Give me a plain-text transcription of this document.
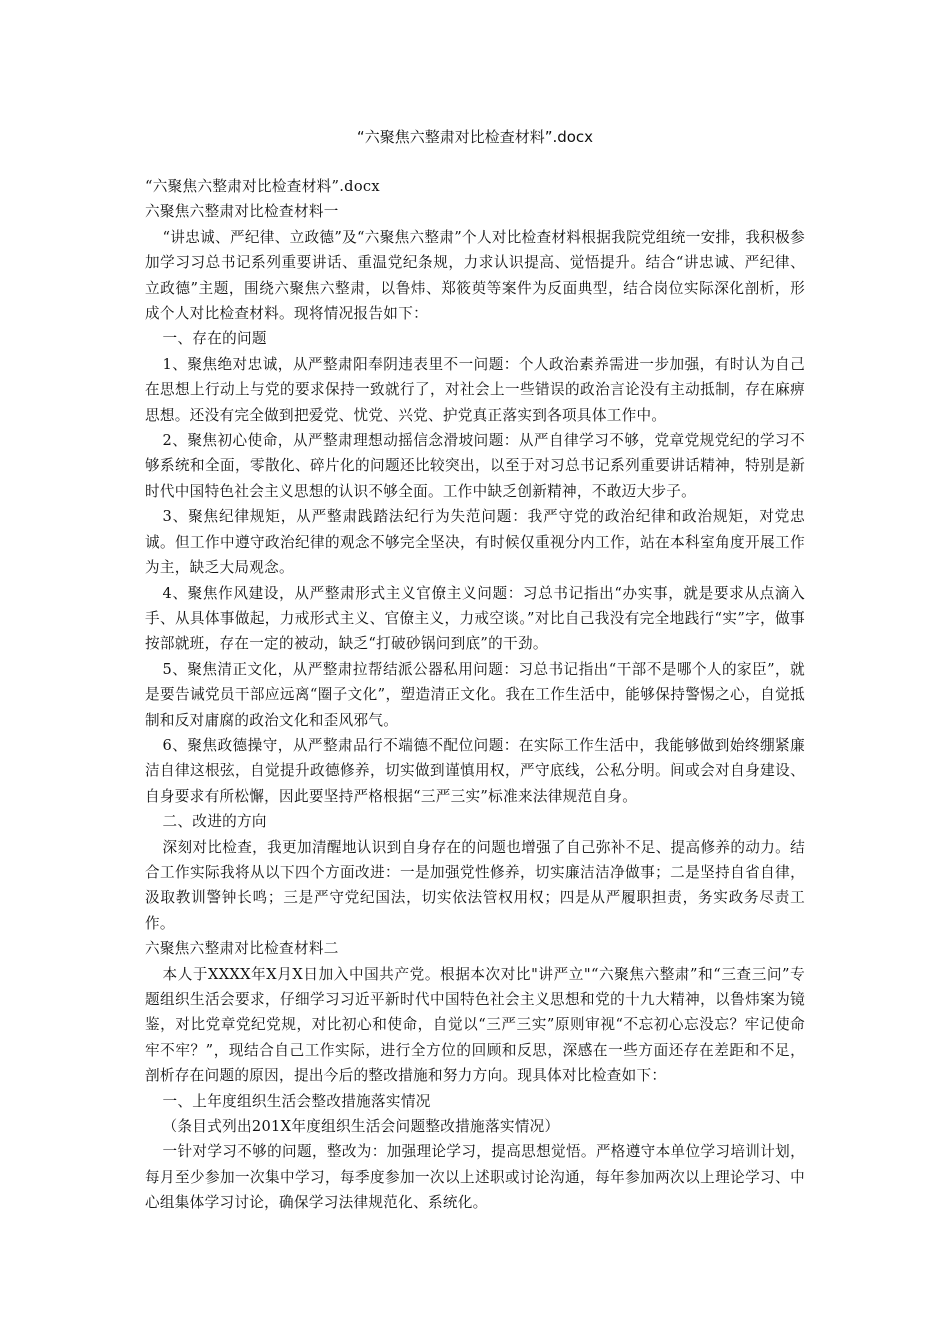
“六聚焦六整肃对比检查材料”.docx

“六聚焦六整肃对比检查材料”.docx

六聚焦六整肃对比检查材料一

“讲忠诚、严纪律、立政德”及“六聚焦六整肃”个人对比检查材料根据我院党组统一安排，我积极参加学习习总书记系列重要讲话、重温党纪条规，力求认识提高、觉悟提升。结合“讲忠诚、严纪律、立政德”主题，围绕六聚焦六整肃，以鲁炜、郑筱萸等案件为反面典型，结合岗位实际深化剖析，形成个人对比检查材料。现将情况报告如下：

一、存在的问题

1、聚焦绝对忠诚，从严整肃阳奉阴违表里不一问题：个人政治素养需进一步加强，有时认为自己在思想上行动上与党的要求保持一致就行了，对社会上一些错误的政治言论没有主动抵制，存在麻痹思想。还没有完全做到把爱党、忧党、兴党、护党真正落实到各项具体工作中。

2、聚焦初心使命，从严整肃理想动摇信念滑坡问题：从严自律学习不够，党章党规党纪的学习不够系统和全面，零散化、碎片化的问题还比较突出，以至于对习总书记系列重要讲话精神，特别是新时代中国特色社会主义思想的认识不够全面。工作中缺乏创新精神，不敢迈大步子。

3、聚焦纪律规矩，从严整肃践踏法纪行为失范问题：我严守党的政治纪律和政治规矩，对党忠诚。但工作中遵守政治纪律的观念不够完全坚决，有时候仅重视分内工作，站在本科室角度开展工作为主，缺乏大局观念。

4、聚焦作风建设，从严整肃形式主义官僚主义问题：习总书记指出“办实事，就是要求从点滴入手、从具体事做起，力戒形式主义、官僚主义，力戒空谈。”对比自己我没有完全地践行“实”字，做事按部就班，存在一定的被动，缺乏“打破砂锅问到底”的干劲。

5、聚焦清正文化，从严整肃拉帮结派公器私用问题：习总书记指出“干部不是哪个人的家臣”，就是要告诫党员干部应远离“圈子文化”，塑造清正文化。我在工作生活中，能够保持警惕之心，自觉抵制和反对庸腐的政治文化和歪风邪气。

6、聚焦政德操守，从严整肃品行不端德不配位问题：在实际工作生活中，我能够做到始终绷紧廉洁自律这根弦，自觉提升政德修养，切实做到谨慎用权，严守底线，公私分明。间或会对自身建设、自身要求有所松懈，因此要坚持严格根据“三严三实”标准来法律规范自身。

二、改进的方向

深刻对比检查，我更加清醒地认识到自身存在的问题也增强了自己弥补不足、提高修养的动力。结合工作实际我将从以下四个方面改进：一是加强党性修养，切实廉洁洁净做事；二是坚持自省自律，汲取教训警钟长鸣；三是严守党纪国法，切实依法管权用权；四是从严履职担责，务实政务尽责工作。

六聚焦六整肃对比检查材料二

本人于XXXX年X月X日加入中国共产党。根据本次对比"讲严立"“六聚焦六整肃”和“三查三问”专题组织生活会要求，仔细学习习近平新时代中国特色社会主义思想和党的十九大精神，以鲁炜案为镜鉴，对比党章党纪党规，对比初心和使命，自觉以“三严三实”原则审视“不忘初心忘没忘？牢记使命牢不牢？”，现结合自己工作实际，进行全方位的回顾和反思，深感在一些方面还存在差距和不足，剖析存在问题的原因，提出今后的整改措施和努力方向。现具体对比检查如下：

一、上年度组织生活会整改措施落实情况

（条目式列出201X年度组织生活会问题整改措施落实情况）

一针对学习不够的问题，整改为：加强理论学习，提高思想觉悟。严格遵守本单位学习培训计划，每月至少参加一次集中学习，每季度参加一次以上述职或讨论沟通，每年参加两次以上理论学习、中心组集体学习讨论，确保学习法律规范化、系统化。
